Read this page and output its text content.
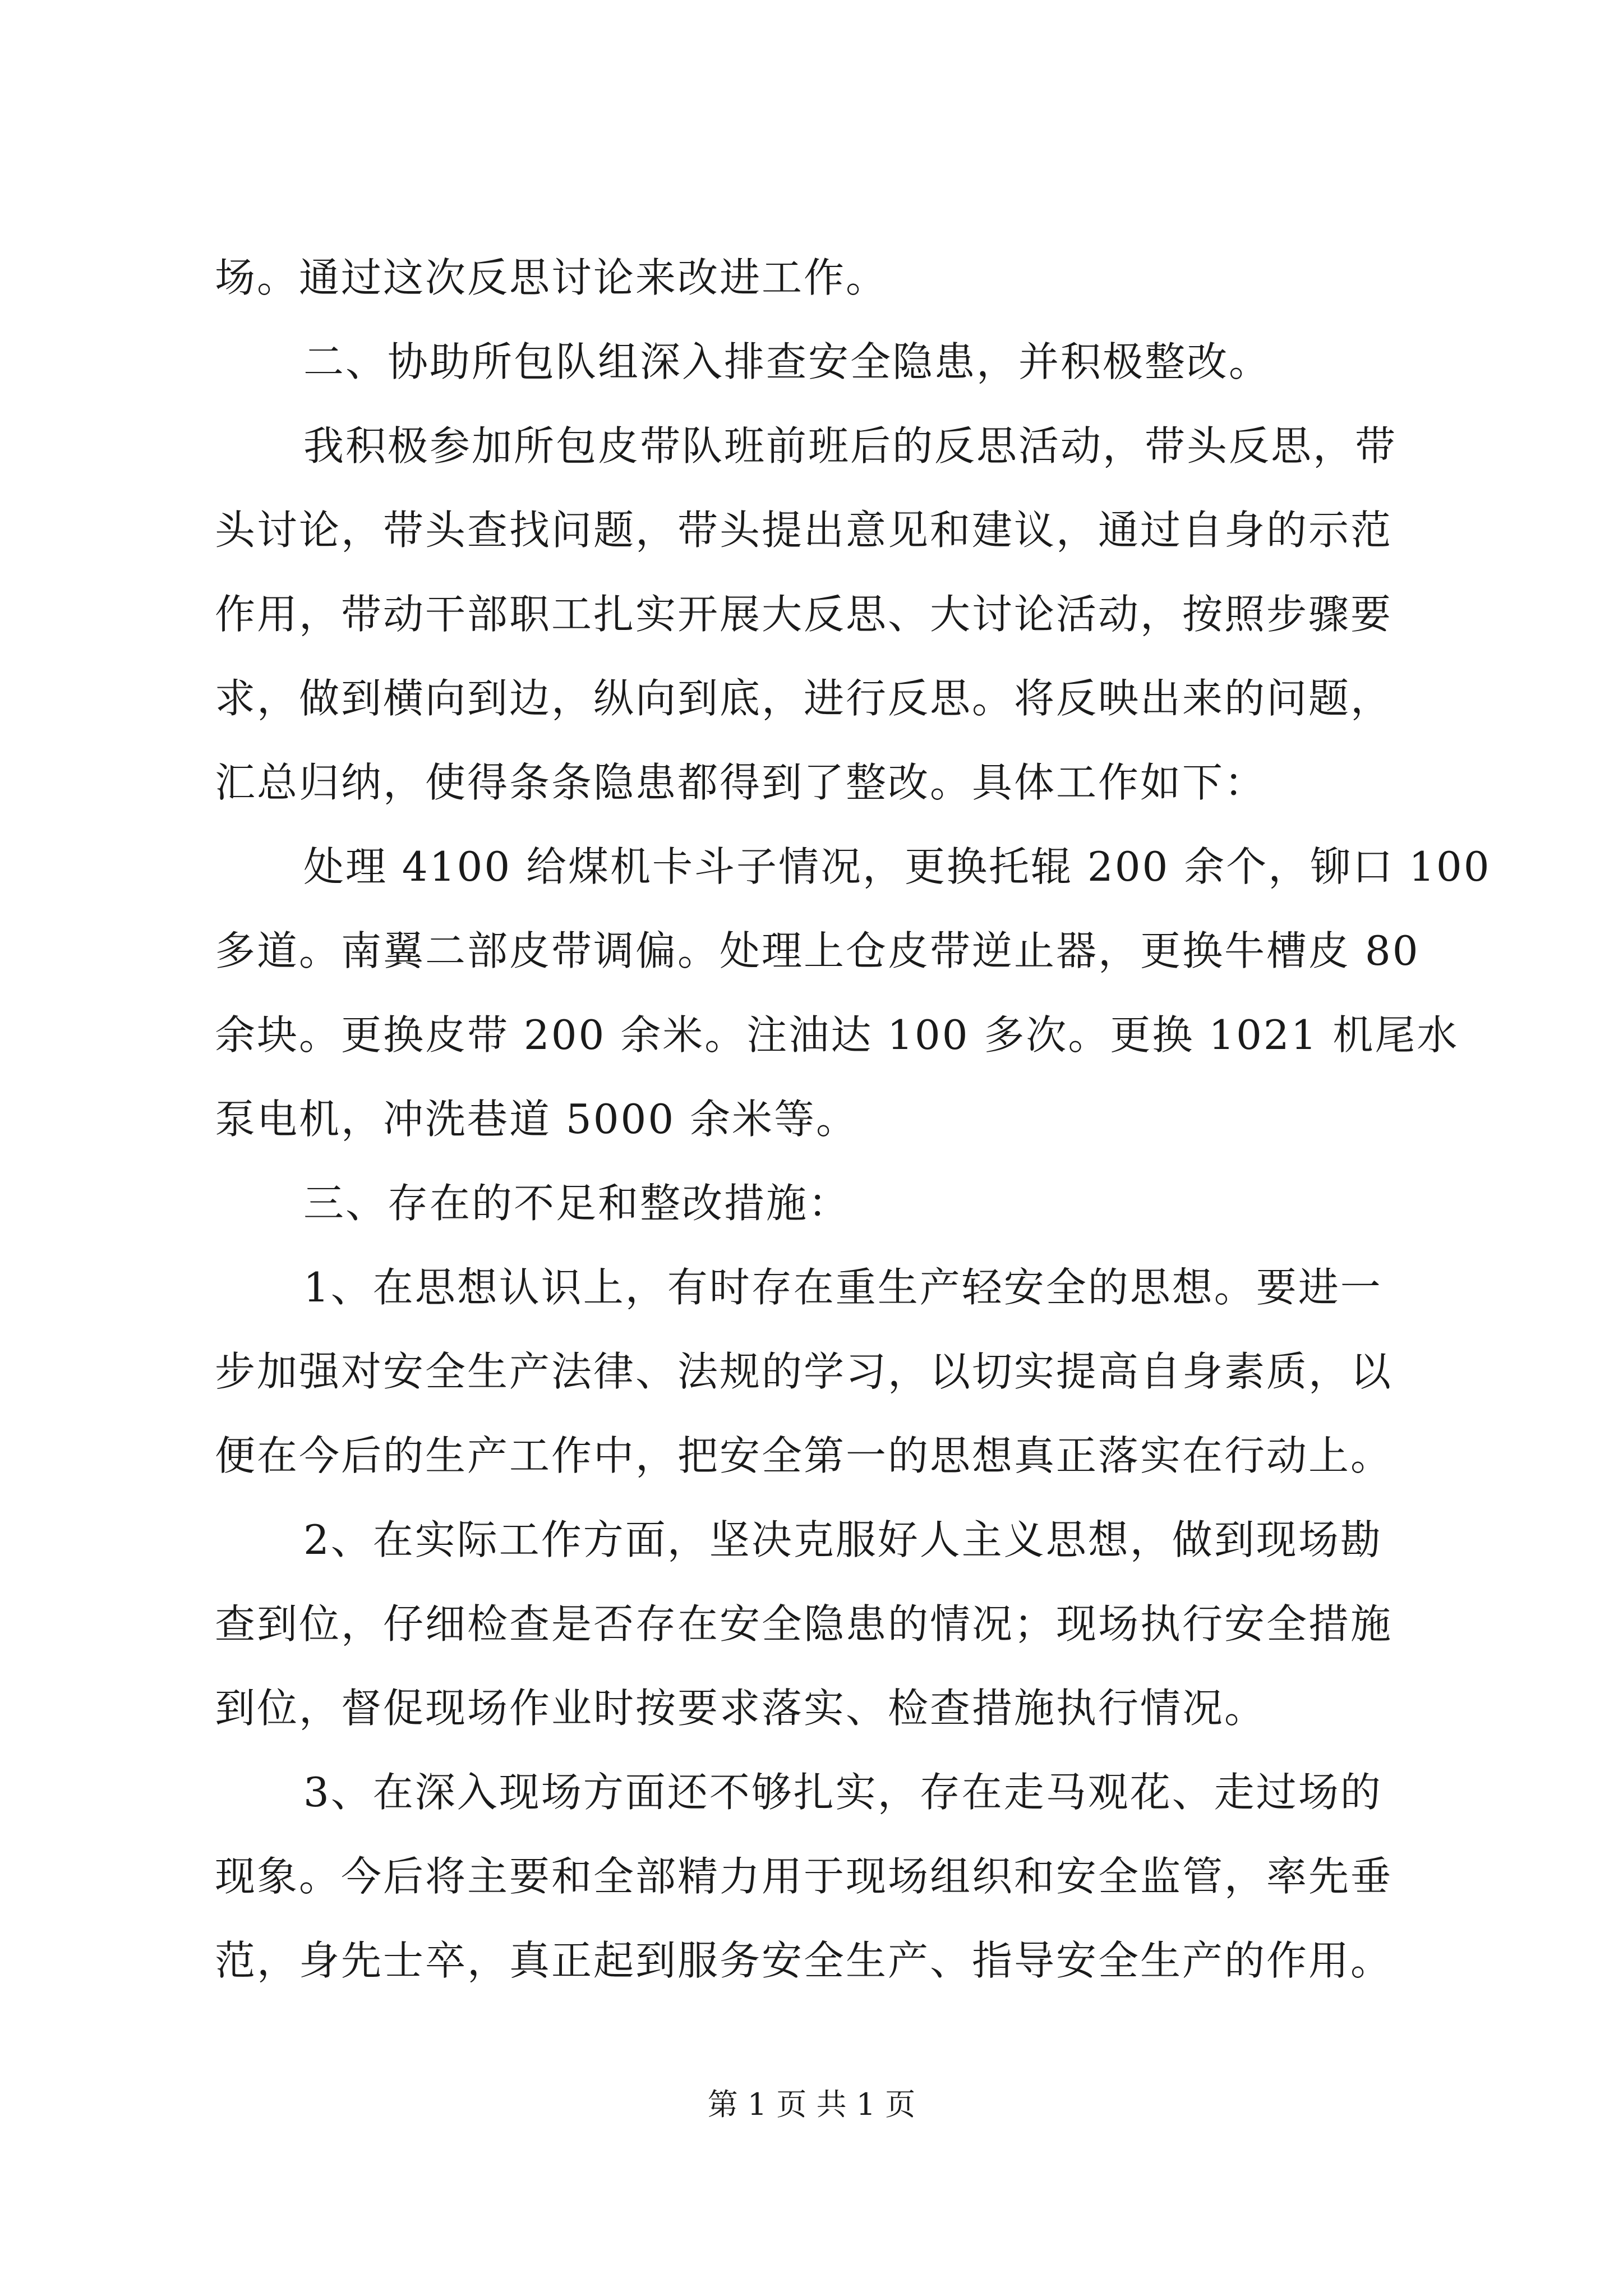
场。通过这次反思讨论来改进工作。
二、协助所包队组深入排查安全隐患，并积极整改。
我积极参加所包皮带队班前班后的反思活动，带头反思，带
头讨论，带头查找问题，带头提出意见和建议，通过自身的示范
作用，带动干部职工扎实开展大反思、大讨论活动，按照步骤要
求，做到横向到边，纵向到底，进行反思。将反映出来的问题，
汇总归纳，使得条条隐患都得到了整改。具体工作如下：
处理 4100 给煤机卡斗子情况，更换托辊 200 余个，铆口 100
多道。南翼二部皮带调偏。处理上仓皮带逆止器，更换牛槽皮 80
余块。更换皮带 200 余米。注油达 100 多次。更换 1021 机尾水
泵电机，冲洗巷道 5000 余米等。
三、存在的不足和整改措施：
1、在思想认识上，有时存在重生产轻安全的思想。要进一
步加强对安全生产法律、法规的学习，以切实提高自身素质，以
便在今后的生产工作中，把安全第一的思想真正落实在行动上。
2、在实际工作方面，坚决克服好人主义思想，做到现场勘
查到位，仔细检查是否存在安全隐患的情况；现场执行安全措施
到位，督促现场作业时按要求落实、检查措施执行情况。
3、在深入现场方面还不够扎实，存在走马观花、走过场的
现象。今后将主要和全部精力用于现场组织和安全监管，率先垂
范，身先士卒，真正起到服务安全生产、指导安全生产的作用。
第 1 页 共 1 页
